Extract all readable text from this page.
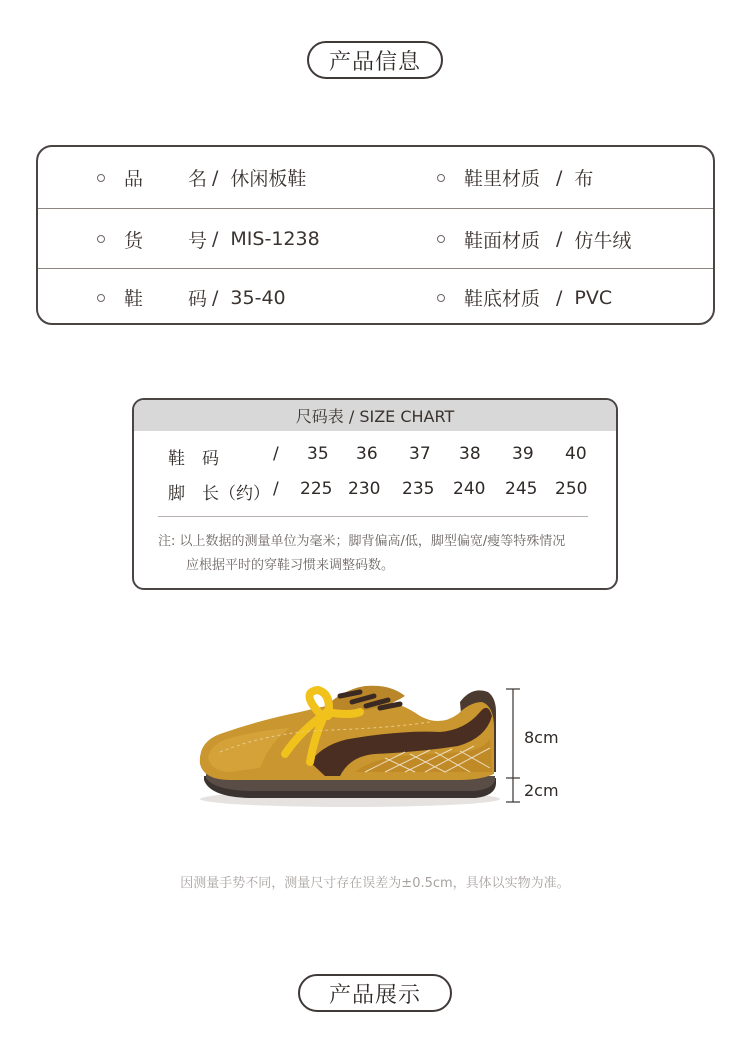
产品信息
品 名 / 休闲板鞋	鞋里材质 / 布
货 号 / MIS-1238	鞋面材质 / 仿牛绒
鞋 码 / 35-40	鞋底材质 / PVC
尺码表 / SIZE CHART
鞋 码	/ 35 36 37 38 39 40
脚 长（约） / 225 230 235 240 245 250
注: 以上数据的测量单位为毫米；脚背偏高/低，脚型偏宽/瘦等特殊情况
应根据平时的穿鞋习惯来调整码数。
8cm
2cm
因测量手势不同，测量尺寸存在误差为±0.5cm，具体以实物为准。
产品展示
